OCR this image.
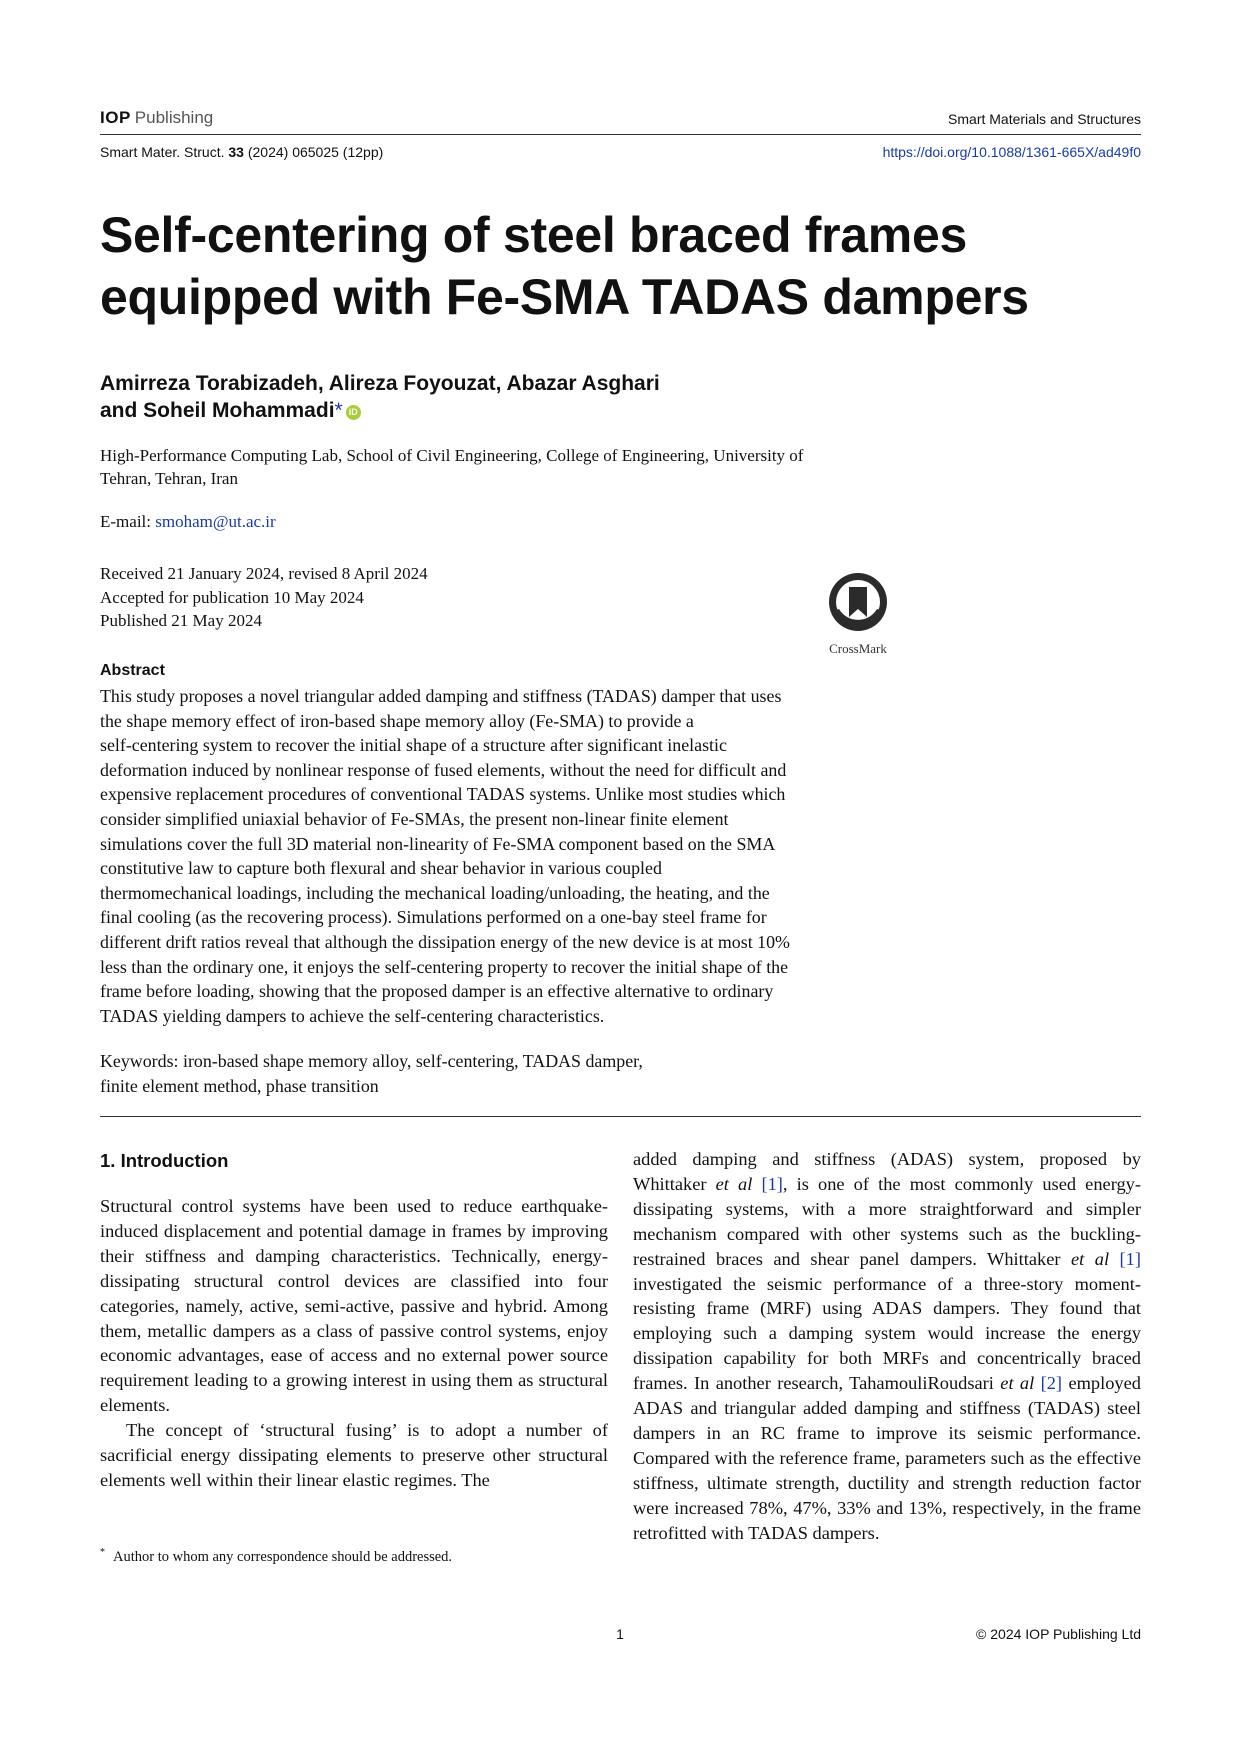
IOP Publishing	Smart Materials and Structures
Smart Mater. Struct. 33 (2024) 065025 (12pp)	https://doi.org/10.1088/1361-665X/ad49f0
Self-centering of steel braced frames
equipped with Fe-SMA TADAS dampers
Amirreza Torabizadeh, Alireza Foyouzat, Abazar Asghari
and Soheil Mohammadi* iD
High-Performance Computing Lab, School of Civil Engineering, College of Engineering, University of
Tehran, Tehran, Iran
E-mail: smoham@ut.ac.ir
Received 21 January 2024, revised 8 April 2024
Accepted for publication 10 May 2024
Published 21 May 2024
CrossMark
Abstract
This study proposes a novel triangular added damping and stiffness (TADAS) damper that uses
the shape memory effect of iron-based shape memory alloy (Fe-SMA) to provide a
self-centering system to recover the initial shape of a structure after significant inelastic
deformation induced by nonlinear response of fused elements, without the need for difficult and
expensive replacement procedures of conventional TADAS systems. Unlike most studies which
consider simplified uniaxial behavior of Fe-SMAs, the present non-linear finite element
simulations cover the full 3D material non-linearity of Fe-SMA component based on the SMA
constitutive law to capture both flexural and shear behavior in various coupled
thermomechanical loadings, including the mechanical loading/unloading, the heating, and the
final cooling (as the recovering process). Simulations performed on a one-bay steel frame for
different drift ratios reveal that although the dissipation energy of the new device is at most 10%
less than the ordinary one, it enjoys the self-centering property to recover the initial shape of the
frame before loading, showing that the proposed damper is an effective alternative to ordinary
TADAS yielding dampers to achieve the self-centering characteristics.
Keywords: iron-based shape memory alloy, self-centering, TADAS damper,
finite element method, phase transition
1. Introduction

Structural control systems have been used to reduce earthquake-induced displacement and potential damage in frames by improving their stiffness and damping characteristics. Technically, energy-dissipating structural control devices are classified into four categories, namely, active, semi-active, passive and hybrid. Among them, metallic dampers as a class of passive control systems, enjoy economic advantages, ease of access and no external power source requirement leading to a growing interest in using them as structural elements.

The concept of ‘structural fusing’ is to adopt a number of sacrificial energy dissipating elements to preserve other structural elements well within their linear elastic regimes. The

added damping and stiffness (ADAS) system, proposed by Whittaker et al [1], is one of the most commonly used energy-dissipating systems, with a more straightforward and simpler mechanism compared with other systems such as the buckling-restrained braces and shear panel dampers. Whittaker et al [1] investigated the seismic performance of a three-story moment-resisting frame (MRF) using ADAS dampers. They found that employing such a damping system would increase the energy dissipation capability for both MRFs and concentrically braced frames. In another research, TahamouliRoudsari et al [2] employed ADAS and triangular added damping and stiffness (TADAS) steel dampers in an RC frame to improve its seismic performance. Compared with the reference frame, parameters such as the effective stiffness, ultimate strength, ductility and strength reduction factor were increased 78%, 47%, 33% and 13%, respectively, in the frame retrofitted with TADAS dampers.

* Author to whom any correspondence should be addressed.
1	© 2024 IOP Publishing Ltd
